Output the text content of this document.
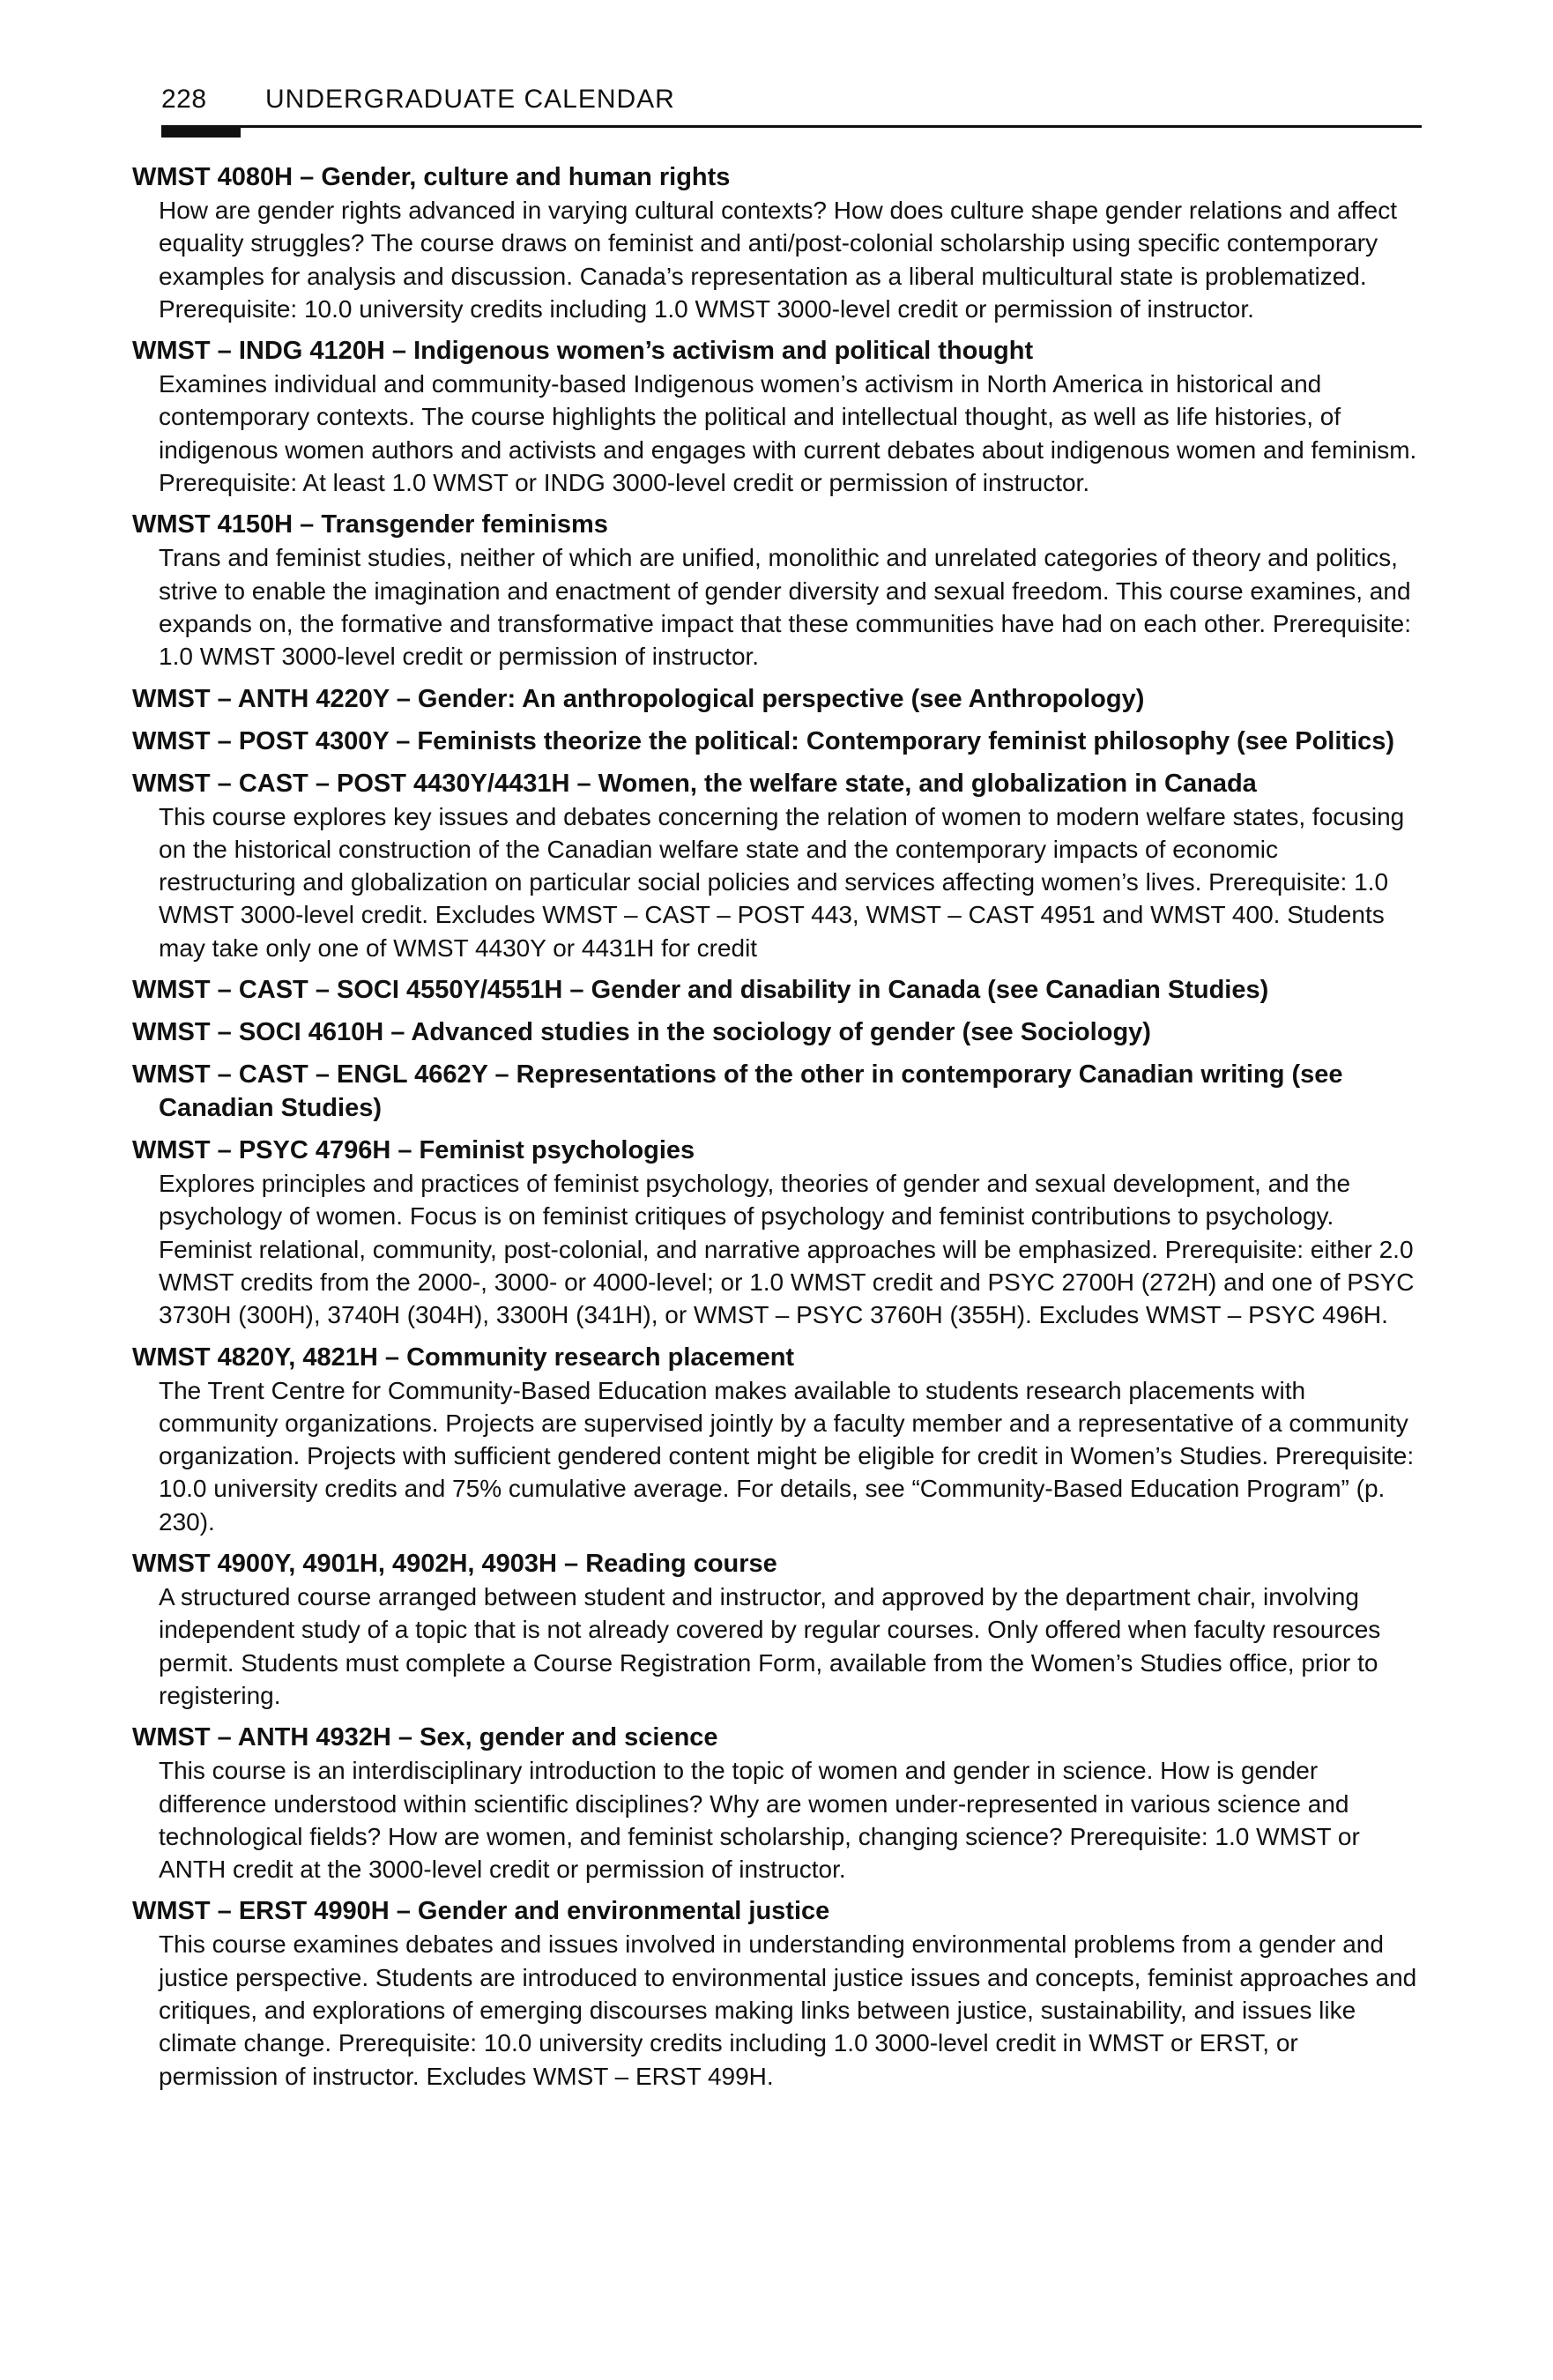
228 UNDERGRADUATE CALENDAR

WMST 4080H – Gender, culture and human rights

How are gender rights advanced in varying cultural contexts? How does culture shape gender relations and affect equality struggles? The course draws on feminist and anti/post-colonial scholarship using specific contemporary examples for analysis and discussion. Canada’s representation as a liberal multicultural state is problematized. Prerequisite: 10.0 university credits including 1.0 WMST 3000-level credit or permission of instructor.

WMST – INDG 4120H – Indigenous women’s activism and political thought

Examines individual and community-based Indigenous women’s activism in North America in historical and contemporary contexts. The course highlights the political and intellectual thought, as well as life histories, of indigenous women authors and activists and engages with current debates about indigenous women and feminism. Prerequisite: At least 1.0 WMST or INDG 3000-level credit or permission of instructor.

WMST 4150H – Transgender feminisms

Trans and feminist studies, neither of which are unified, monolithic and unrelated categories of theory and politics, strive to enable the imagination and enactment of gender diversity and sexual freedom. This course examines, and expands on, the formative and transformative impact that these communities have had on each other. Prerequisite: 1.0 WMST 3000-level credit or permission of instructor.

WMST – ANTH 4220Y – Gender: An anthropological perspective (see Anthropology)

WMST – POST 4300Y – Feminists theorize the political: Contemporary feminist philosophy (see Politics)

WMST – CAST – POST 4430Y/4431H – Women, the welfare state, and globalization in Canada

This course explores key issues and debates concerning the relation of women to modern welfare states, focusing on the historical construction of the Canadian welfare state and the contemporary impacts of economic restructuring and globalization on particular social policies and services affecting women’s lives. Prerequisite: 1.0 WMST 3000-level credit. Excludes WMST – CAST – POST 443, WMST – CAST 4951 and WMST 400. Students may take only one of WMST 4430Y or 4431H for credit

WMST – CAST – SOCI 4550Y/4551H – Gender and disability in Canada (see Canadian Studies)

WMST – SOCI 4610H – Advanced studies in the sociology of gender (see Sociology)

WMST – CAST – ENGL 4662Y – Representations of the other in contemporary Canadian writing (see Canadian Studies)

WMST – PSYC 4796H – Feminist psychologies

Explores principles and practices of feminist psychology, theories of gender and sexual development, and the psychology of women. Focus is on feminist critiques of psychology and feminist contributions to psychology. Feminist relational, community, post-colonial, and narrative approaches will be emphasized. Prerequisite: either 2.0 WMST credits from the 2000-, 3000- or 4000-level; or 1.0 WMST credit and PSYC 2700H (272H) and one of PSYC 3730H (300H), 3740H (304H), 3300H (341H), or WMST – PSYC 3760H (355H). Excludes WMST – PSYC 496H.

WMST 4820Y, 4821H – Community research placement

The Trent Centre for Community-Based Education makes available to students research placements with community organizations. Projects are supervised jointly by a faculty member and a representative of a community organization. Projects with sufficient gendered content might be eligible for credit in Women’s Studies. Prerequisite: 10.0 university credits and 75% cumulative average. For details, see “Community-Based Education Program” (p. 230).

WMST 4900Y, 4901H, 4902H, 4903H – Reading course

A structured course arranged between student and instructor, and approved by the department chair, involving independent study of a topic that is not already covered by regular courses. Only offered when faculty resources permit. Students must complete a Course Registration Form, available from the Women’s Studies office, prior to registering.

WMST – ANTH 4932H – Sex, gender and science

This course is an interdisciplinary introduction to the topic of women and gender in science. How is gender difference understood within scientific disciplines? Why are women under-represented in various science and technological fields? How are women, and feminist scholarship, changing science? Prerequisite: 1.0 WMST or ANTH credit at the 3000-level credit or permission of instructor.

WMST – ERST 4990H – Gender and environmental justice

This course examines debates and issues involved in understanding environmental problems from a gender and justice perspective. Students are introduced to environmental justice issues and concepts, feminist approaches and critiques, and explorations of emerging discourses making links between justice, sustainability, and issues like climate change. Prerequisite: 10.0 university credits including 1.0 3000-level credit in WMST or ERST, or permission of instructor. Excludes WMST – ERST 499H.
